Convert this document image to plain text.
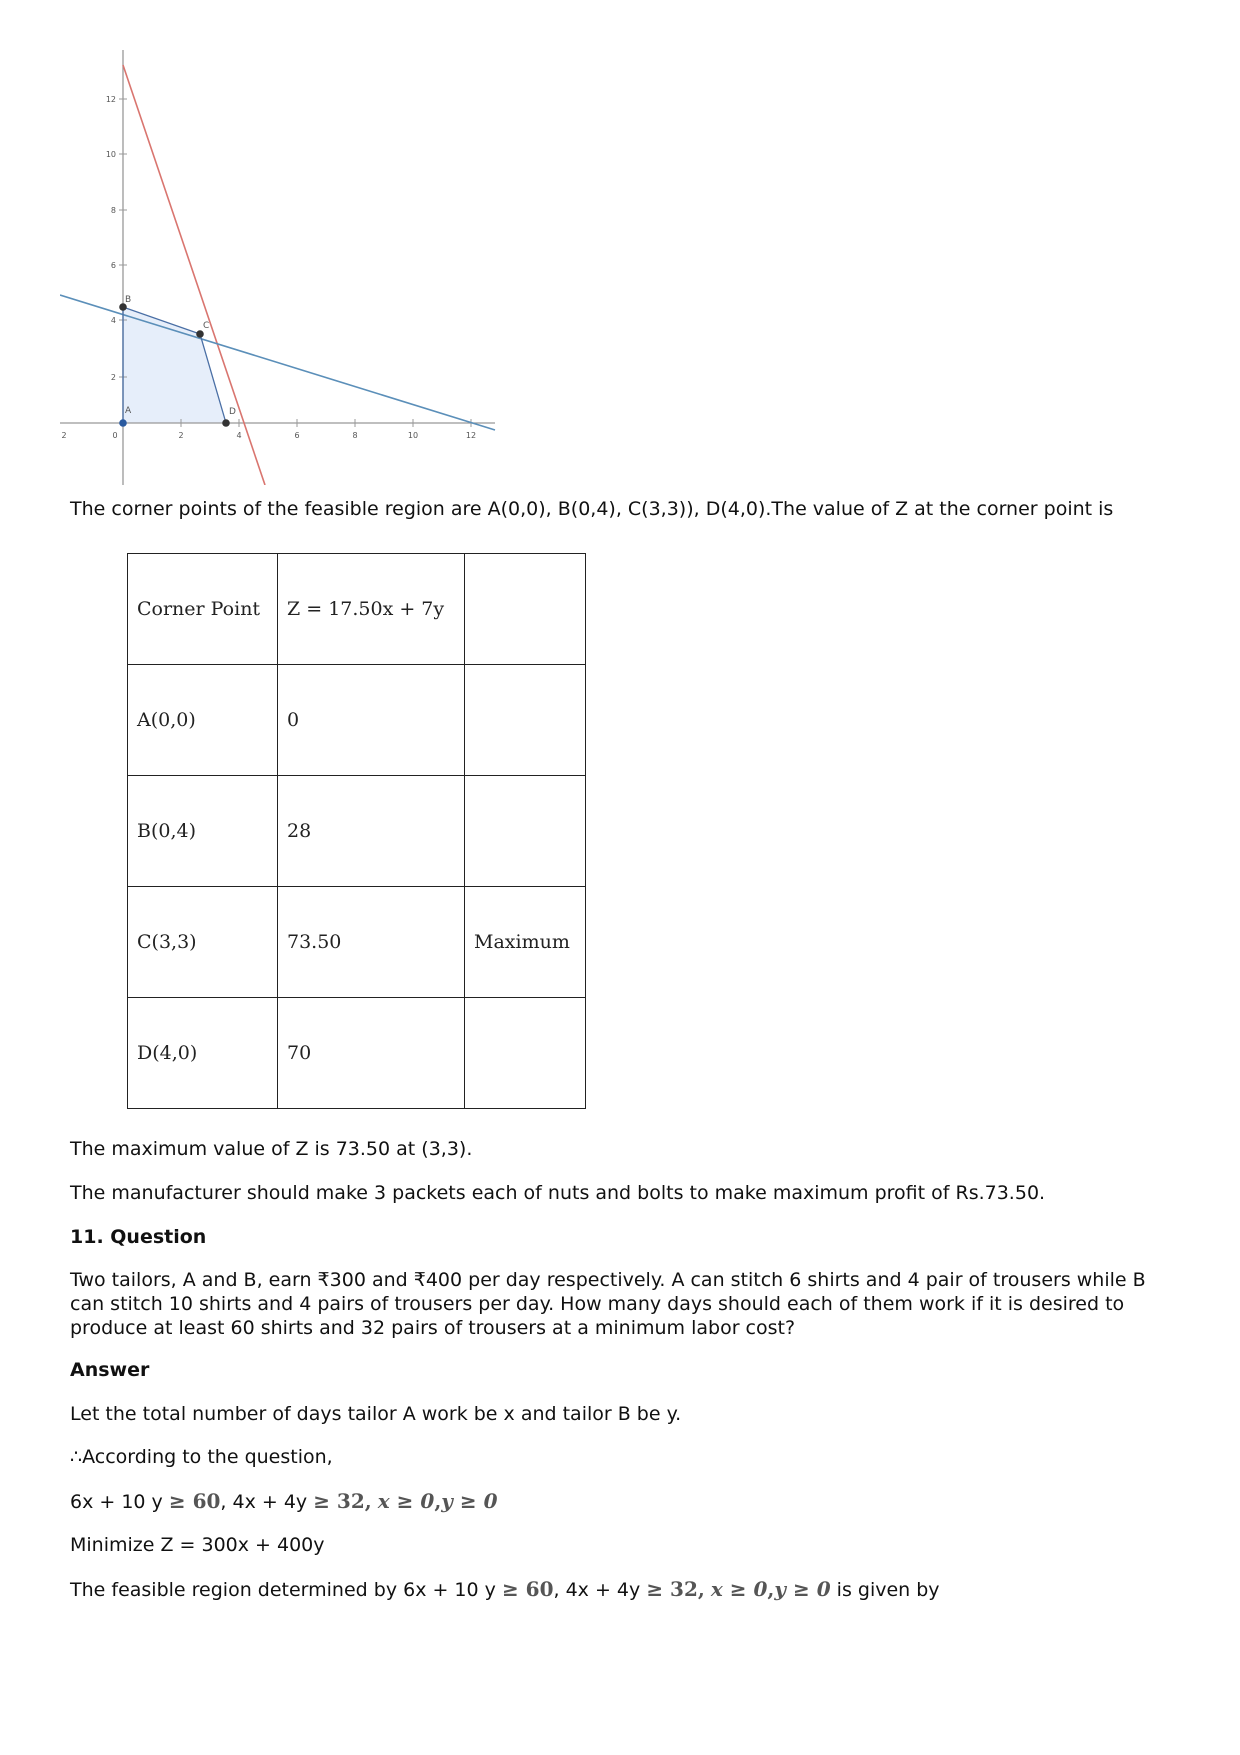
2
4
6
8
10
12
2	4	6	8	10	12
2	0
A
B
C
D

The corner points of the feasible region are A(0,0), B(0,4), C(3,3)), D(4,0).The value of Z at the corner point is

Corner Point	Z = 17.50x + 7y	
A(0,0)	0	
B(0,4)	28	
C(3,3)	73.50	Maximum
D(4,0)	70	

The maximum value of Z is 73.50 at (3,3).

The manufacturer should make 3 packets each of nuts and bolts to make maximum profit of Rs.73.50.

11. Question

Two tailors, A and B, earn ₹300 and ₹400 per day respectively. A can stitch 6 shirts and 4 pair of trousers while B can stitch 10 shirts and 4 pairs of trousers per day. How many days should each of them work if it is desired to produce at least 60 shirts and 32 pairs of trousers at a minimum labor cost?

Answer

Let the total number of days tailor A work be x and tailor B be y.

∴According to the question,

6x + 10 y ≥ 60, 4x + 4y ≥ 32, x ≥ 0,y ≥ 0

Minimize Z = 300x + 400y

The feasible region determined by 6x + 10 y ≥ 60, 4x + 4y ≥ 32, x ≥ 0,y ≥ 0 is given by
